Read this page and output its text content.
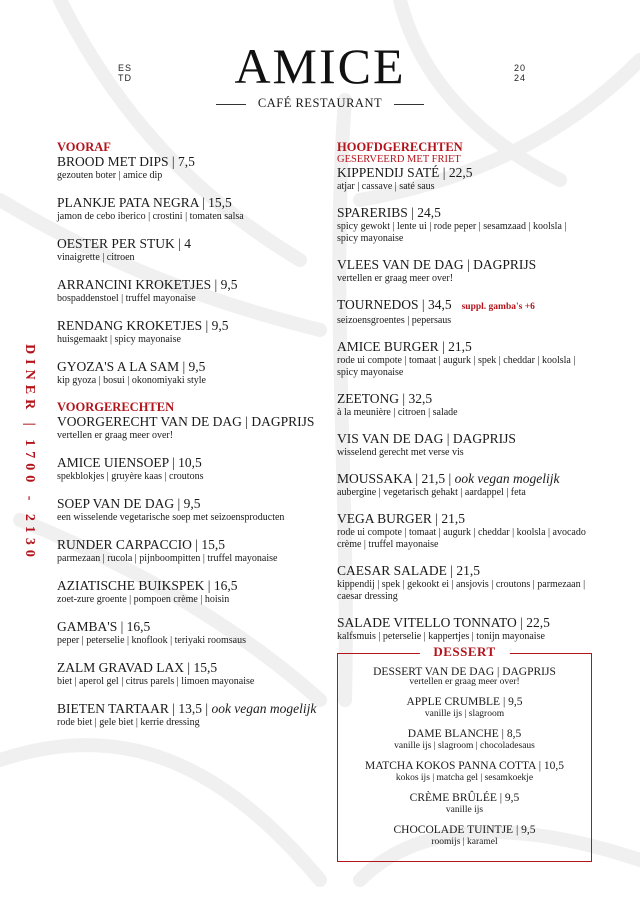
ES
TD
20
24
AMICE
CAFÉ RESTAURANT
DINER | 1700 - 2130
VOORAF
BROOD MET DIPS | 7,5
gezouten boter | amice dip
PLANKJE PATA NEGRA | 15,5
jamon de cebo iberico | crostini | tomaten salsa
OESTER PER STUK | 4
vinaigrette | citroen
ARRANCINI KROKETJES | 9,5
bospaddenstoel | truffel mayonaise
RENDANG KROKETJES | 9,5
huisgemaakt | spicy mayonaise
GYOZA'S A LA SAM | 9,5
kip gyoza | bosui | okonomiyaki style
VOORGERECHTEN
VOORGERECHT VAN DE DAG | DAGPRIJS
vertellen er graag meer over!
AMICE UIENSOEP | 10,5
spekblokjes | gruyère kaas | croutons
SOEP VAN DE DAG | 9,5
een wisselende vegetarische soep met seizoensproducten
RUNDER CARPACCIO | 15,5
parmezaan | rucola | pijnboompitten | truffel mayonaise
AZIATISCHE BUIKSPEK | 16,5
zoet-zure groente | pompoen crème | hoisin
GAMBA'S | 16,5
peper | peterselie | knoflook | teriyaki roomsaus
ZALM GRAVAD LAX | 15,5
biet | aperol gel | citrus parels | limoen mayonaise
BIETEN TARTAAR | 13,5 | ook vegan mogelijk
rode biet | gele biet | kerrie dressing
HOOFDGERECHTEN
GESERVEERD MET FRIET
KIPPENDIJ SATÉ | 22,5
atjar | cassave | saté saus
SPARERIBS | 24,5
spicy gewokt | lente ui | rode peper | sesamzaad | koolsla | spicy mayonaise
VLEES VAN DE DAG | DAGPRIJS
vertellen er graag meer over!
TOURNEDOS | 34,5 suppl. gamba's +6
seizoensgroentes | pepersaus
AMICE BURGER | 21,5
rode ui compote | tomaat | augurk | spek | cheddar | koolsla | spicy mayonaise
ZEETONG | 32,5
à la meunière | citroen | salade
VIS VAN DE DAG | DAGPRIJS
wisselend gerecht met verse vis
MOUSSAKA | 21,5 | ook vegan mogelijk
aubergine | vegetarisch gehakt | aardappel | feta
VEGA BURGER | 21,5
rode ui compote | tomaat | augurk | cheddar | koolsla | avocado crème | truffel mayonaise
CAESAR SALADE | 21,5
kippendij | spek | gekookt ei | ansjovis | croutons | parmezaan | caesar dressing
SALADE VITELLO TONNATO | 22,5
kalfsmuis | peterselie | kappertjes | tonijn mayonaise
DESSERT
DESSERT VAN DE DAG | DAGPRIJS
vertellen er graag meer over!
APPLE CRUMBLE | 9,5
vanille ijs | slagroom
DAME BLANCHE | 8,5
vanille ijs | slagroom | chocoladesaus
MATCHA KOKOS PANNA COTTA | 10,5
kokos ijs | matcha gel | sesamkoekje
CRÈME BRÛLÉE | 9,5
vanille ijs
CHOCOLADE TUINTJE | 9,5
roomijs | karamel
